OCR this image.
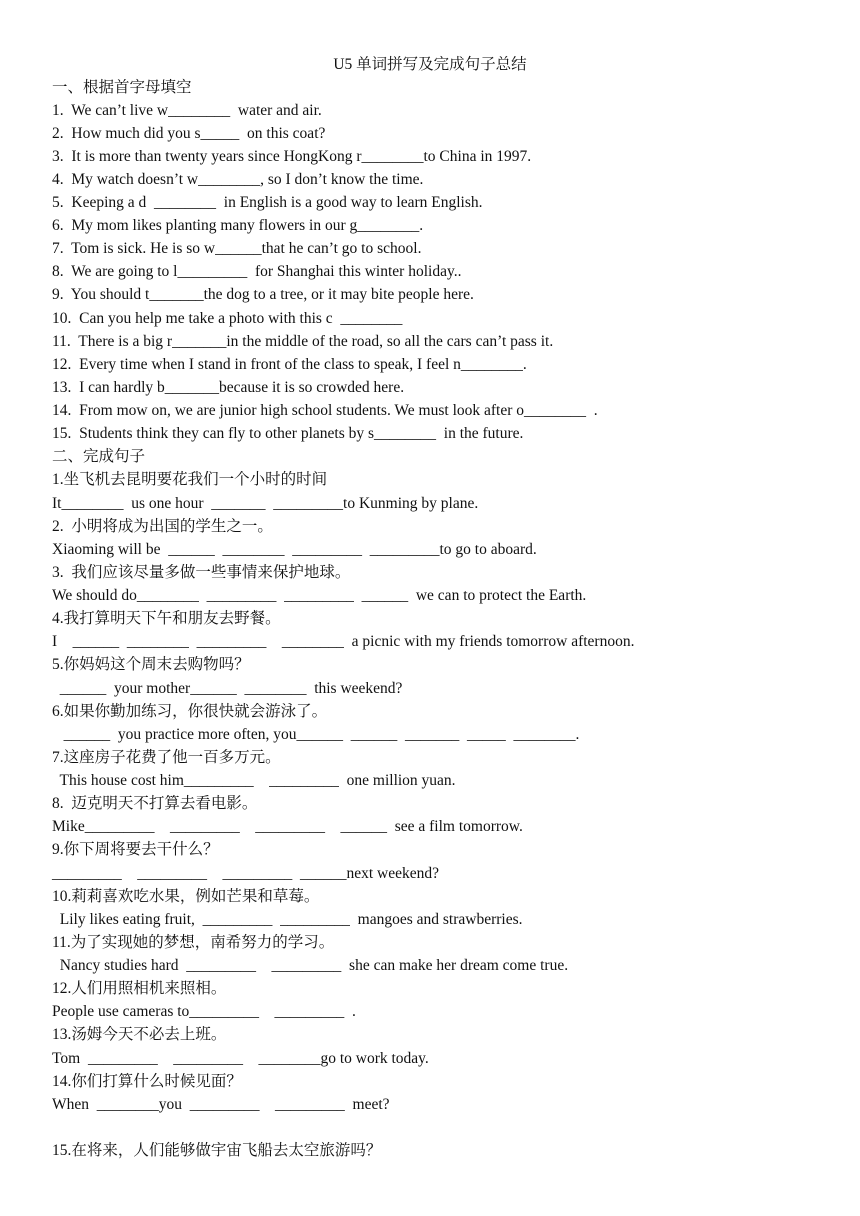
U5 单词拼写及完成句子总结
一、根据首字母填空
1.  We can’t live w________  water and air.
2.  How much did you s_____  on this coat?
3.  It is more than twenty years since HongKong r________to China in 1997.
4.  My watch doesn’t w________, so I don’t know the time.
5.  Keeping a d  ________  in English is a good way to learn English.
6.  My mom likes planting many flowers in our g________.
7.  Tom is sick. He is so w______that he can’t go to school.
8.  We are going to l_________  for Shanghai this winter holiday..
9.  You should t_______the dog to a tree, or it may bite people here.
10.  Can you help me take a photo with this c  ________
11.  There is a big r_______in the middle of the road, so all the cars can’t pass it.
12.  Every time when I stand in front of the class to speak, I feel n________.
13.  I can hardly b_______because it is so crowded here.
14.  From mow on, we are junior high school students. We must look after o________  .
15.  Students think they can fly to other planets by s________  in the future.
二、完成句子
1.坐飞机去昆明要花我们一个小时的时间
It________  us one hour  _______  _________to Kunming by plane.
2.  小明将成为出国的学生之一。
Xiaoming will be  ______  ________  _________  _________to go to aboard.
3.  我们应该尽量多做一些事情来保护地球。
We should do________  _________  _________  ______  we can to protect the Earth.
4.我打算明天下午和朋友去野餐。
I    ______  ________  _________    ________  a picnic with my friends tomorrow afternoon.
5.你妈妈这个周末去购物吗？
______  your mother______  ________  this weekend?
6.如果你勤加练习，你很快就会游泳了。
______  you practice more often, you______  ______  _______  _____  ________.
7.这座房子花费了他一百多万元。
This house cost him_________    _________  one million yuan.
8.  迈克明天不打算去看电影。
Mike_________    _________    _________    ______  see a film tomorrow.
9.你下周将要去干什么？
_________    _________    _________  ______next weekend?
10.莉莉喜欢吃水果，例如芒果和草莓。
Lily likes eating fruit,  _________  _________  mangoes and strawberries.
11.为了实现她的梦想，南希努力的学习。
Nancy studies hard  _________    _________  she can make her dream come true.
12.人们用照相机来照相。
People use cameras to_________    _________  .
13.汤姆今天不必去上班。
Tom  _________    _________    ________go to work today.
14.你们打算什么时候见面？
When  ________you  _________    _________  meet?
15.在将来，人们能够做宇宙飞船去太空旅游吗？
